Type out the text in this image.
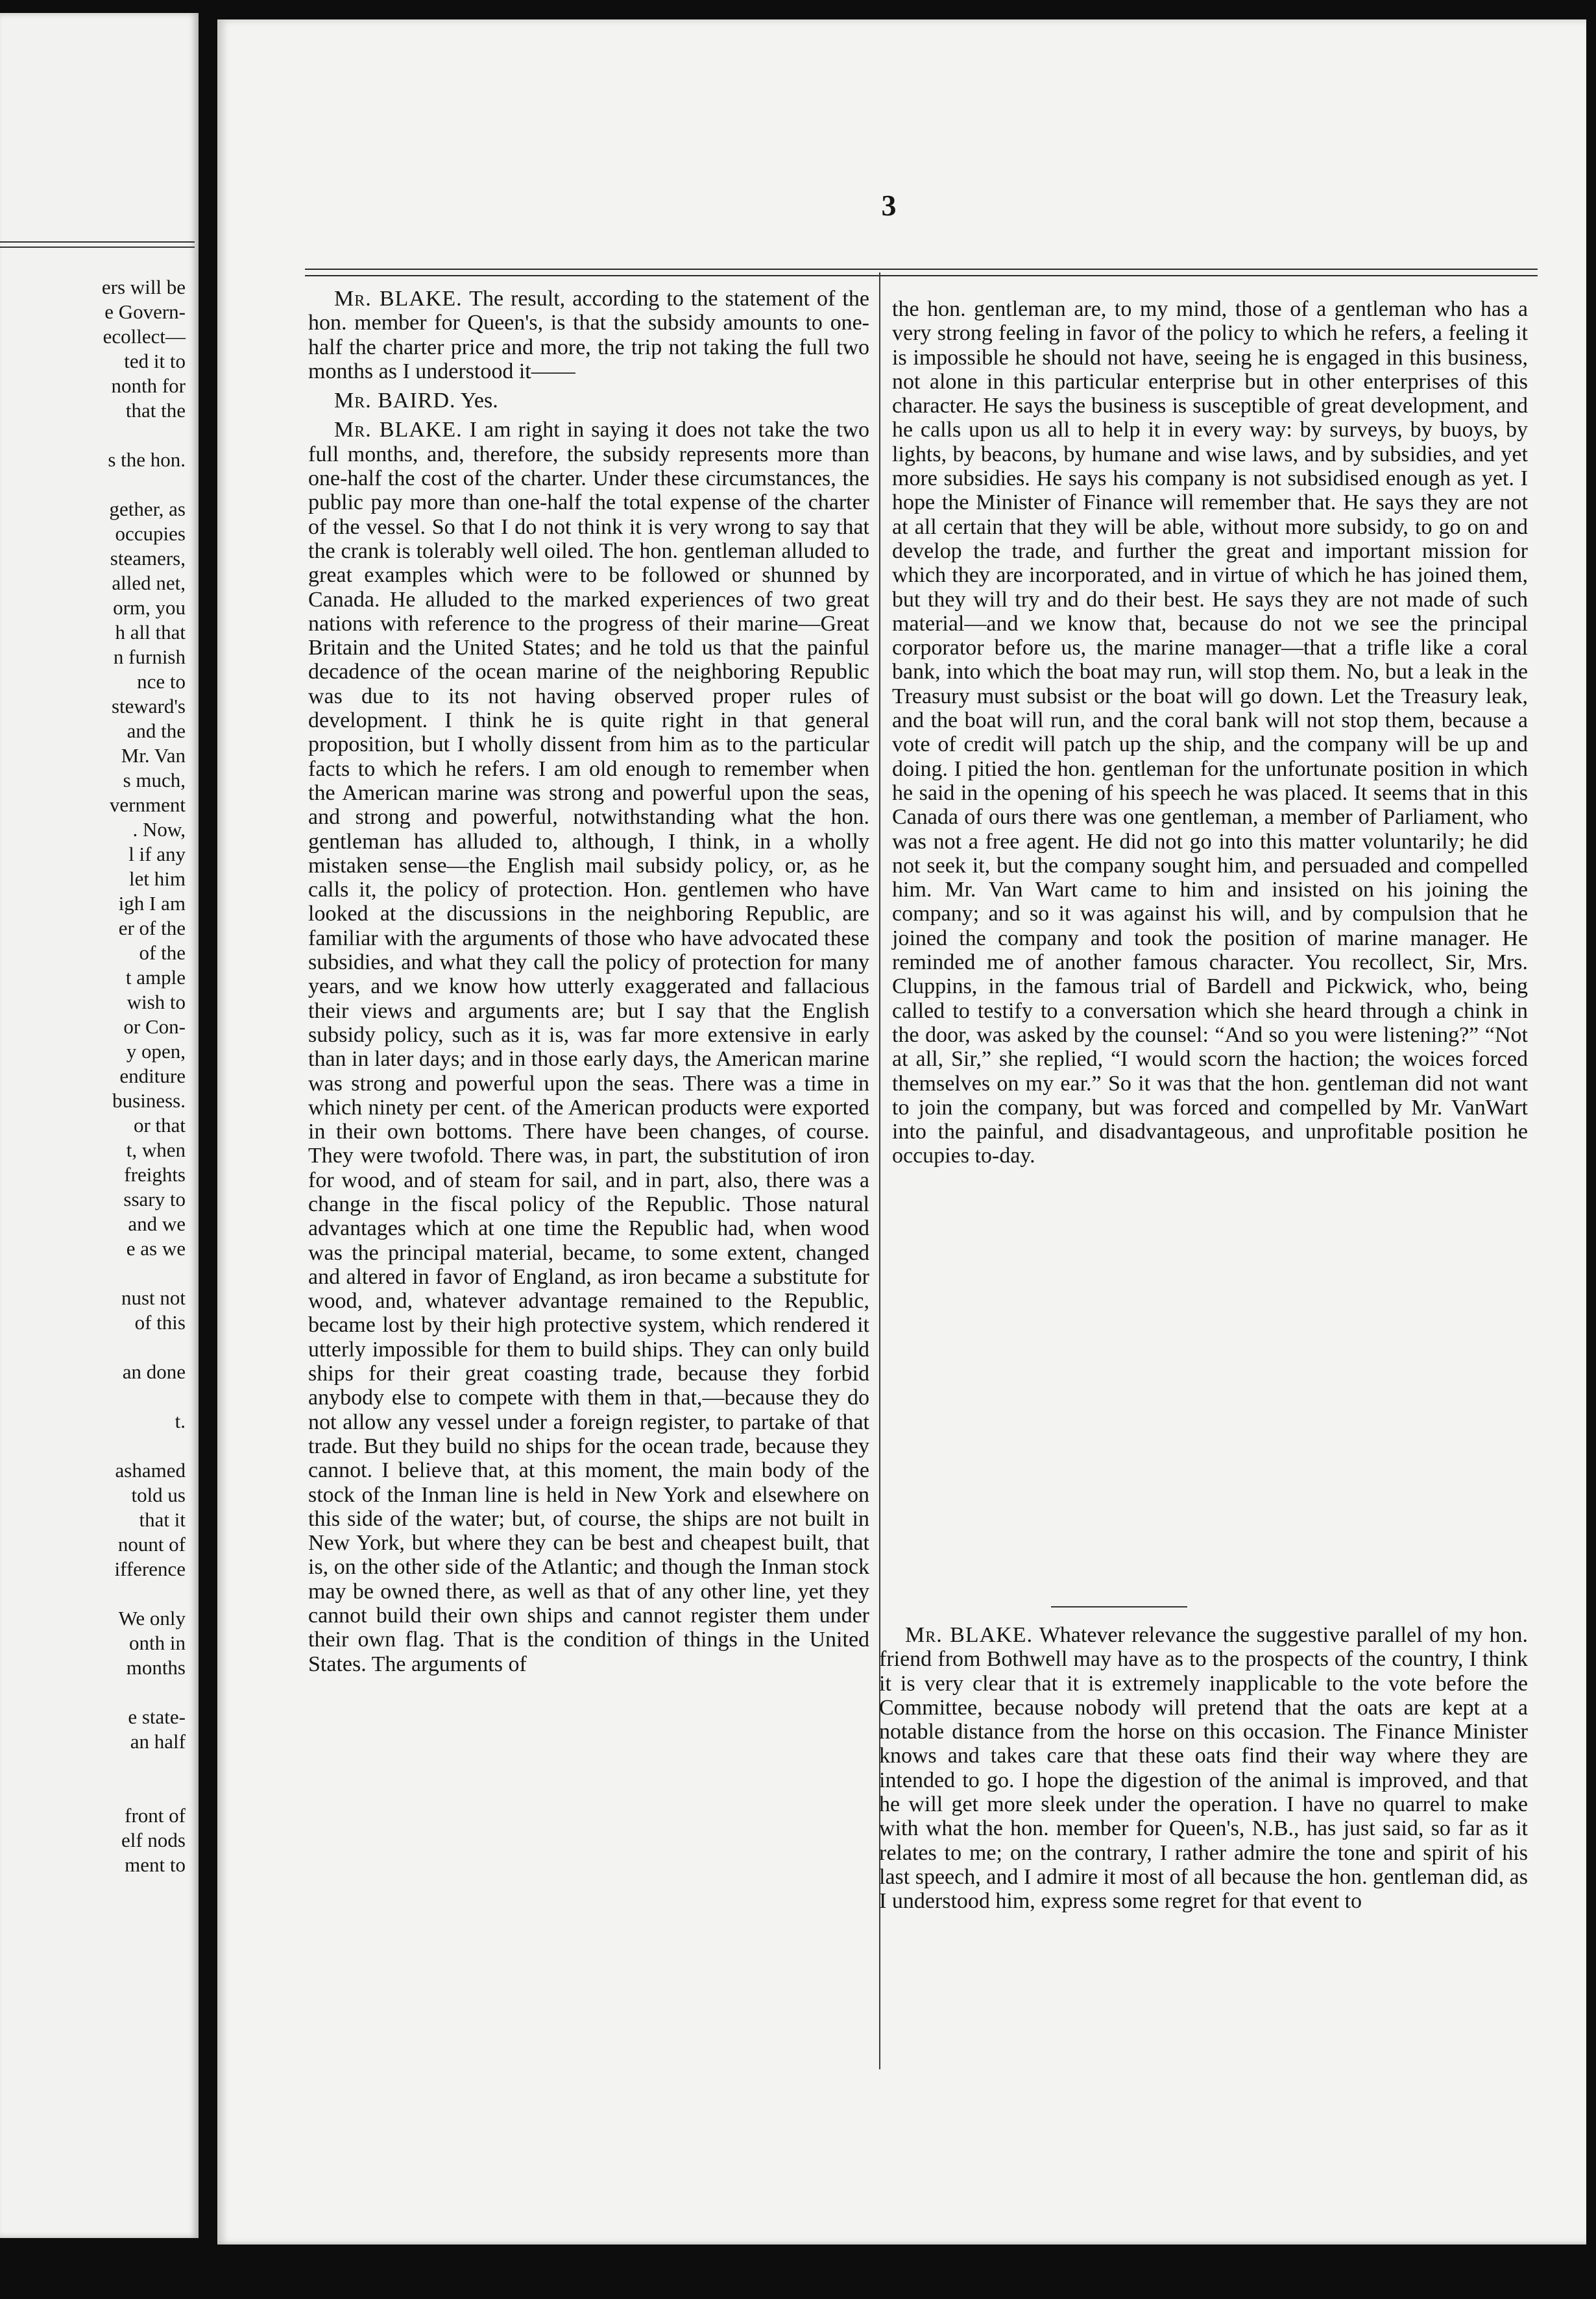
ers will be
e Govern-
ecollect—
ted it to
nonth for
that the
s the hon.
gether, as
occupies
steamers,
alled net,
orm, you
h all that
n furnish
nce to
steward's
and the
Mr. Van
s much,
vernment
. Now,
l if any
let him
igh I am
er of the
of the
t ample
wish to
or Con-
y open,
enditure
business.
or that
t, when
freights
ssary to
and we
e as we
nust not
of this
an done
t.
ashamed
told us
that it
nount of
ifference
We only
onth in
months
e state-
an half
front of
elf nods
ment to
3

Mr. BLAKE. The result, according to the statement of the hon. member for Queen's, is that the subsidy amounts to one-half the charter price and more, the trip not taking the full two months as I understood it——

Mr. BAIRD. Yes.

Mr. BLAKE. I am right in saying it does not take the two full months, and, therefore, the subsidy represents more than one-half the cost of the charter. Under these circumstances, the public pay more than one-half the total expense of the charter of the vessel. So that I do not think it is very wrong to say that the crank is tolerably well oiled. The hon. gentleman alluded to great examples which were to be followed or shunned by Canada. He alluded to the marked experiences of two great nations with reference to the progress of their marine—Great Britain and the United States; and he told us that the painful decadence of the ocean marine of the neighboring Republic was due to its not having observed proper rules of development. I think he is quite right in that general proposition, but I wholly dissent from him as to the particular facts to which he refers. I am old enough to remember when the American marine was strong and powerful upon the seas, and strong and powerful, notwithstanding what the hon. gentleman has alluded to, although, I think, in a wholly mistaken sense—the English mail subsidy policy, or, as he calls it, the policy of protection. Hon. gentlemen who have looked at the discussions in the neighboring Republic, are familiar with the arguments of those who have advocated these subsidies, and what they call the policy of protection for many years, and we know how utterly exaggerated and fallacious their views and arguments are; but I say that the English subsidy policy, such as it is, was far more extensive in early than in later days; and in those early days, the American marine was strong and powerful upon the seas. There was a time in which ninety per cent. of the American products were exported in their own bottoms. There have been changes, of course. They were twofold. There was, in part, the substitution of iron for wood, and of steam for sail, and in part, also, there was a change in the fiscal policy of the Republic. Those natural advantages which at one time the Republic had, when wood was the principal material, became, to some extent, changed and altered in favor of England, as iron became a substitute for wood, and, whatever advantage remained to the Republic, became lost by their high protective system, which rendered it utterly impossible for them to build ships. They can only build ships for their great coasting trade, because they forbid anybody else to compete with them in that,—because they do not allow any vessel under a foreign register, to partake of that trade. But they build no ships for the ocean trade, because they cannot. I believe that, at this moment, the main body of the stock of the Inman line is held in New York and elsewhere on this side of the water; but, of course, the ships are not built in New York, but where they can be best and cheapest built, that is, on the other side of the Atlantic; and though the Inman stock may be owned there, as well as that of any other line, yet they cannot build their own ships and cannot register them under their own flag. That is the condition of things in the United States. The arguments of

the hon. gentleman are, to my mind, those of a gentleman who has a very strong feeling in favor of the policy to which he refers, a feeling it is impossible he should not have, seeing he is engaged in this business, not alone in this particular enterprise but in other enterprises of this character. He says the business is susceptible of great development, and he calls upon us all to help it in every way: by surveys, by buoys, by lights, by beacons, by humane and wise laws, and by subsidies, and yet more subsidies. He says his company is not subsidised enough as yet. I hope the Minister of Finance will remember that. He says they are not at all certain that they will be able, without more subsidy, to go on and develop the trade, and further the great and important mission for which they are incorporated, and in virtue of which he has joined them, but they will try and do their best. He says they are not made of such material—and we know that, because do not we see the principal corporator before us, the marine manager—that a trifle like a coral bank, into which the boat may run, will stop them. No, but a leak in the Treasury must subsist or the boat will go down. Let the Treasury leak, and the boat will run, and the coral bank will not stop them, because a vote of credit will patch up the ship, and the company will be up and doing. I pitied the hon. gentleman for the unfortunate position in which he said in the opening of his speech he was placed. It seems that in this Canada of ours there was one gentleman, a member of Parliament, who was not a free agent. He did not go into this matter voluntarily; he did not seek it, but the company sought him, and persuaded and compelled him. Mr. Van Wart came to him and insisted on his joining the company; and so it was against his will, and by compulsion that he joined the company and took the position of marine manager. He reminded me of another famous character. You recollect, Sir, Mrs. Cluppins, in the famous trial of Bardell and Pickwick, who, being called to testify to a conversation which she heard through a chink in the door, was asked by the counsel: “And so you were listening?” “Not at all, Sir,” she replied, “I would scorn the haction; the woices forced themselves on my ear.” So it was that the hon. gentleman did not want to join the company, but was forced and compelled by Mr. VanWart into the painful, and disadvantageous, and unprofitable position he occupies to-day.

Mr. BLAKE. Whatever relevance the suggestive parallel of my hon. friend from Bothwell may have as to the prospects of the country, I think it is very clear that it is extremely inapplicable to the vote before the Committee, because nobody will pretend that the oats are kept at a notable distance from the horse on this occasion. The Finance Minister knows and takes care that these oats find their way where they are intended to go. I hope the digestion of the animal is improved, and that he will get more sleek under the operation. I have no quarrel to make with what the hon. member for Queen's, N.B., has just said, so far as it relates to me; on the contrary, I rather admire the tone and spirit of his last speech, and I admire it most of all because the hon. gentleman did, as I understood him, express some regret for that event to
